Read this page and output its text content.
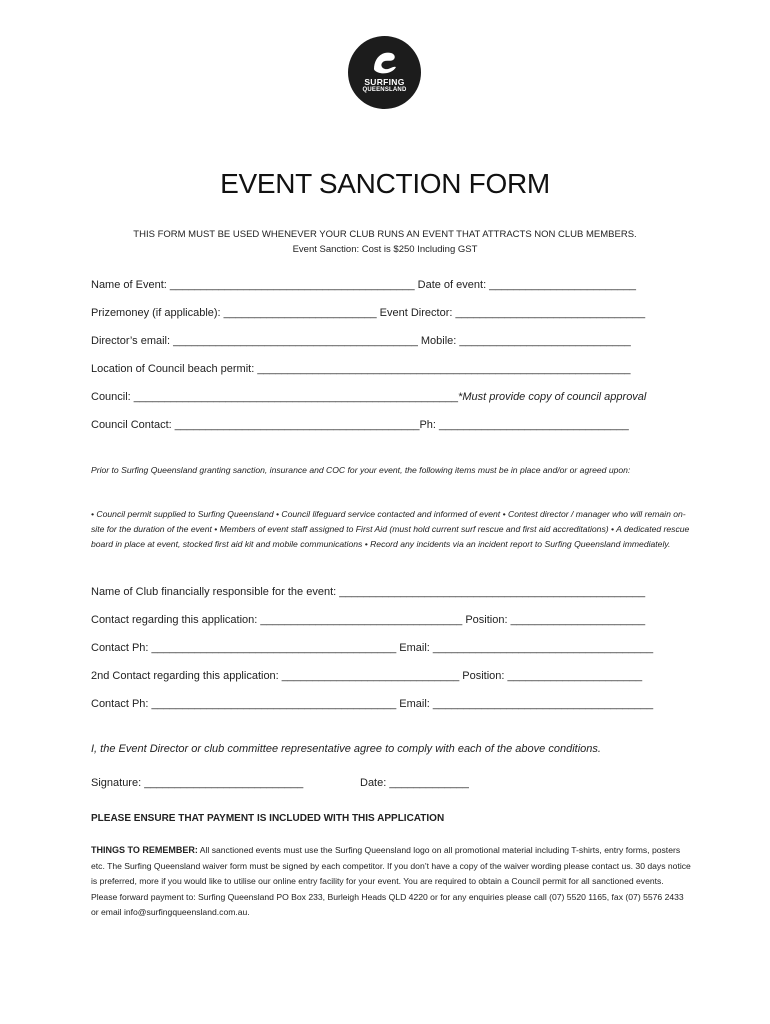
SURFING
QUEENSLAND
EVENT SANCTION FORM
THIS FORM MUST BE USED WHENEVER YOUR CLUB RUNS AN EVENT THAT ATTRACTS NON CLUB MEMBERS.
Event Sanction: Cost is $250 Including GST
Name of Event: ________________________________________ Date of event: ________________________
Prizemoney (if applicable): _________________________ Event Director: _______________________________
Director’s email: ________________________________________ Mobile: ____________________________
Location of Council beach permit: _____________________________________________________________
Council: _____________________________________________________*Must provide copy of council approval
Council Contact: ________________________________________Ph: _______________________________
Prior to Surfing Queensland granting sanction, insurance and COC for your event, the following items must be in place and/or or agreed upon:
• Council permit supplied to Surfing Queensland • Council lifeguard service contacted and informed of event • Contest director / manager who will remain on-site for the duration of the event • Members of event staff assigned to First Aid (must hold current surf rescue and first aid accreditations) • A dedicated rescue board in place at event, stocked first aid kit and mobile communications • Record any incidents via an incident report to Surfing Queensland immediately.
Name of Club financially responsible for the event: __________________________________________________
Contact regarding this application: _________________________________ Position: ______________________
Contact Ph: ________________________________________ Email: ____________________________________
2nd Contact regarding this application: _____________________________ Position: ______________________
Contact Ph: ________________________________________ Email: ____________________________________
I, the Event Director or club committee representative agree to comply with each of the above conditions.
Signature: __________________________	Date: _____________
PLEASE ENSURE THAT PAYMENT IS INCLUDED WITH THIS APPLICATION
THINGS TO REMEMBER: All sanctioned events must use the Surfing Queensland logo on all promotional material including T-shirts, entry forms, posters etc. The Surfing Queensland waiver form must be signed by each competitor. If you don’t have a copy of the waiver wording please contact us. 30 days notice is preferred, more if you would like to utilise our online entry facility for your event. You are required to obtain a Council permit for all sanctioned events. Please forward payment to: Surfing Queensland PO Box 233, Burleigh Heads QLD 4220 or for any enquiries please call (07) 5520 1165, fax (07) 5576 2433 or email info@surfingqueensland.com.au.
